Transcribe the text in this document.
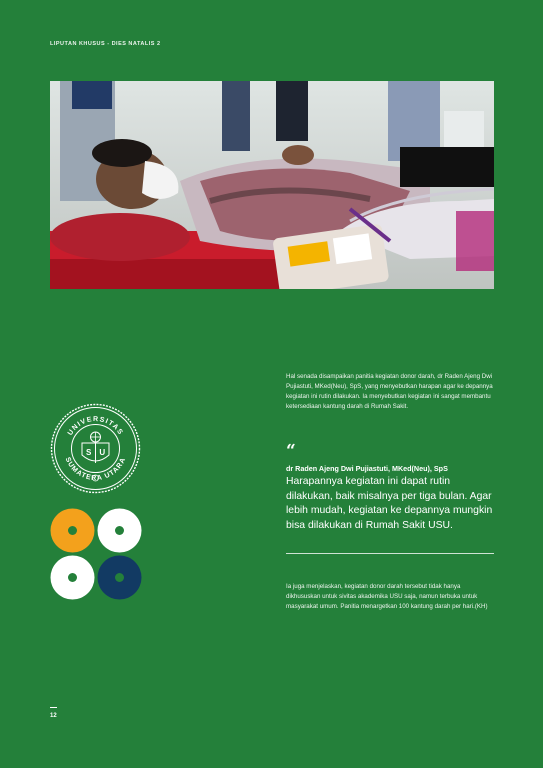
LIPUTAN KHUSUS - DIES NATALIS 2
Hal senada disampaikan panitia kegiatan donor darah, dr Raden Ajeng Dwi Pujiastuti, MKed(Neu), SpS, yang menyebutkan harapan agar ke depannya kegiatan ini rutin dilakukan. Ia menyebutkan kegiatan ini sangat membantu ketersediaan kantung darah di Rumah Sakit.
“
dr Raden Ajeng Dwi Pujiastuti, MKed(Neu), SpS
Harapannya kegiatan ini dapat rutin dilakukan, baik misalnya per tiga bulan. Agar lebih mudah, kegiatan ke depannya mungkin bisa dilakukan di Rumah Sakit USU.
Ia juga menjelaskan, kegiatan donor darah tersebut tidak hanya dikhususkan untuk sivitas akademika USU saja, namun terbuka untuk masyarakat umum. Panitia menargetkan 100 kantung darah per hari.(KH)
UNIVERSITAS
SUMATERA UTARA
S U
12
